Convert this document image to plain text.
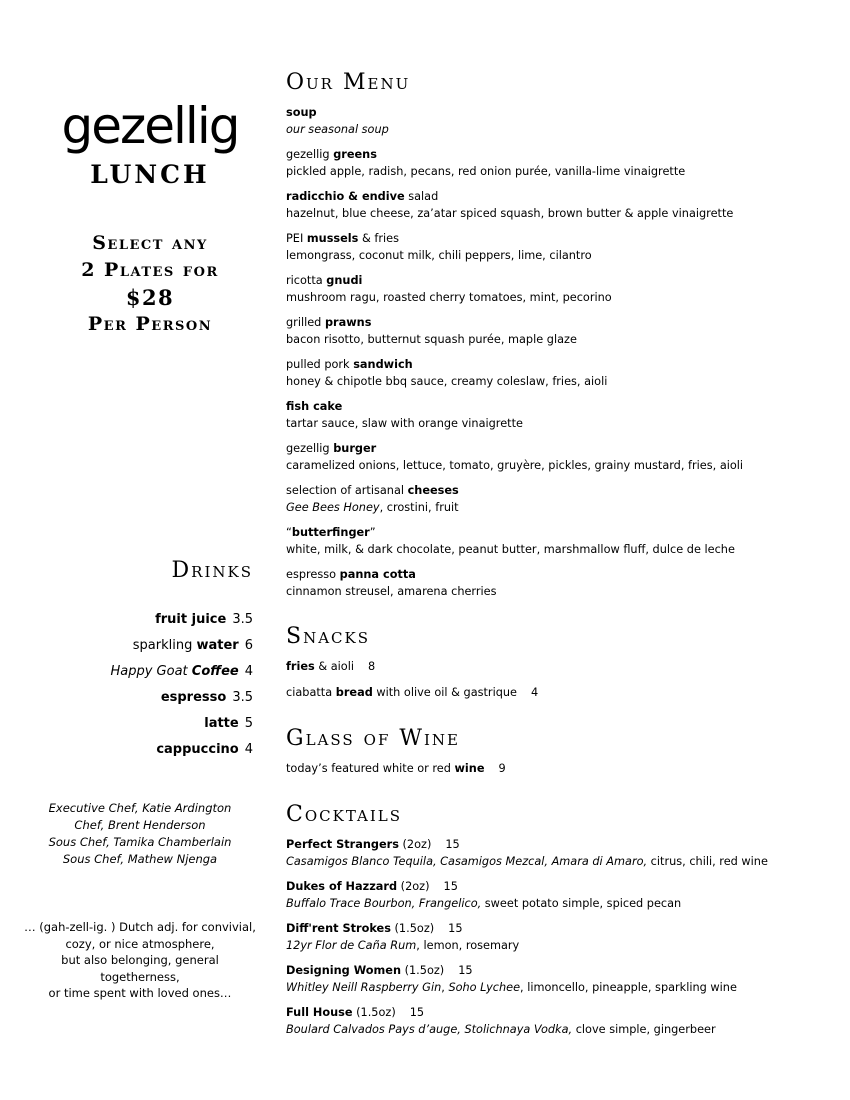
gezellig
LUNCH
Select any
2 Plates for
$28
Per Person
Drinks
fruit juice 3.5
sparkling water 6
Happy Goat Coffee 4
espresso 3.5
latte 5
cappuccino 4
Executive Chef, Katie Ardington
Chef, Brent Henderson
Sous Chef, Tamika Chamberlain
Sous Chef, Mathew Njenga
… (gah-zell-ig. ) Dutch adj. for convivial,
cozy, or nice atmosphere,
but also belonging, general
togetherness,
or time spent with loved ones…
Our Menu
soup
our seasonal soup
gezellig greens
pickled apple, radish, pecans, red onion purée, vanilla-lime vinaigrette
radicchio & endive salad
hazelnut, blue cheese, za’atar spiced squash, brown butter & apple vinaigrette
PEI mussels & fries
lemongrass, coconut milk, chili peppers, lime, cilantro
ricotta gnudi
mushroom ragu, roasted cherry tomatoes, mint, pecorino
grilled prawns
bacon risotto, butternut squash purée, maple glaze
pulled pork sandwich
honey & chipotle bbq sauce, creamy coleslaw, fries, aioli
fish cake
tartar sauce, slaw with orange vinaigrette
gezellig burger
caramelized onions, lettuce, tomato, gruyère, pickles, grainy mustard, fries, aioli
selection of artisanal cheeses
Gee Bees Honey, crostini, fruit
“butterfinger”
white, milk, & dark chocolate, peanut butter, marshmallow fluff, dulce de leche
espresso panna cotta
cinnamon streusel, amarena cherries
Snacks
fries & aioli 8
ciabatta bread with olive oil & gastrique 4
Glass of Wine
today’s featured white or red wine 9
Cocktails
Perfect Strangers (2oz) 15
Casamigos Blanco Tequila, Casamigos Mezcal, Amara di Amaro, citrus, chili, red wine
Dukes of Hazzard (2oz) 15
Buffalo Trace Bourbon, Frangelico, sweet potato simple, spiced pecan
Diff'rent Strokes (1.5oz) 15
12yr Flor de Caña Rum, lemon, rosemary
Designing Women (1.5oz) 15
Whitley Neill Raspberry Gin, Soho Lychee, limoncello, pineapple, sparkling wine
Full House (1.5oz) 15
Boulard Calvados Pays d’auge, Stolichnaya Vodka, clove simple, gingerbeer
